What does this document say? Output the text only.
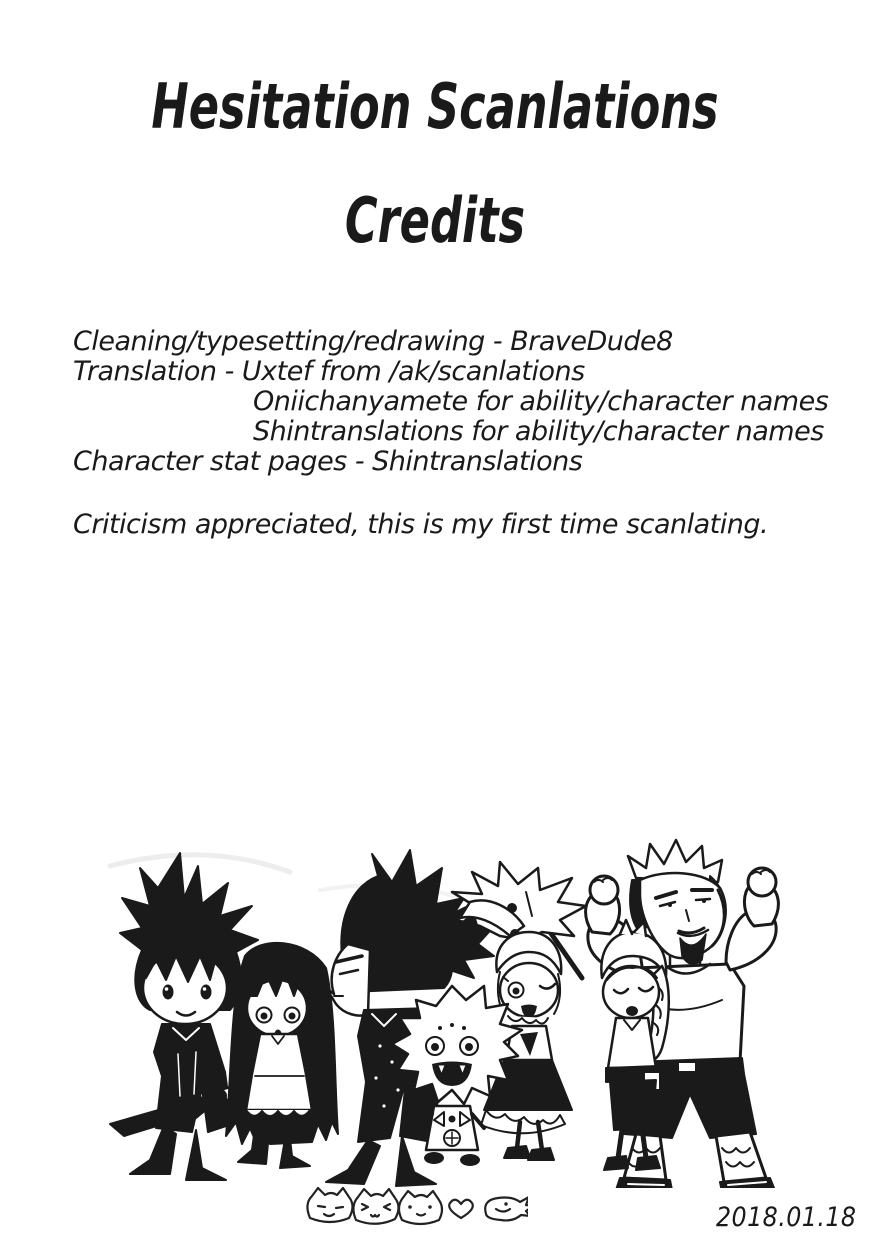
Hesitation Scanlations
Credits
Cleaning/typesetting/redrawing - BraveDude8
Translation - Uxtef from /ak/scanlations
Oniichanyamete for ability/character names
Shintranslations for ability/character names
Character stat pages - Shintranslations
Criticism appreciated, this is my first time scanlating.
2018.01.18
